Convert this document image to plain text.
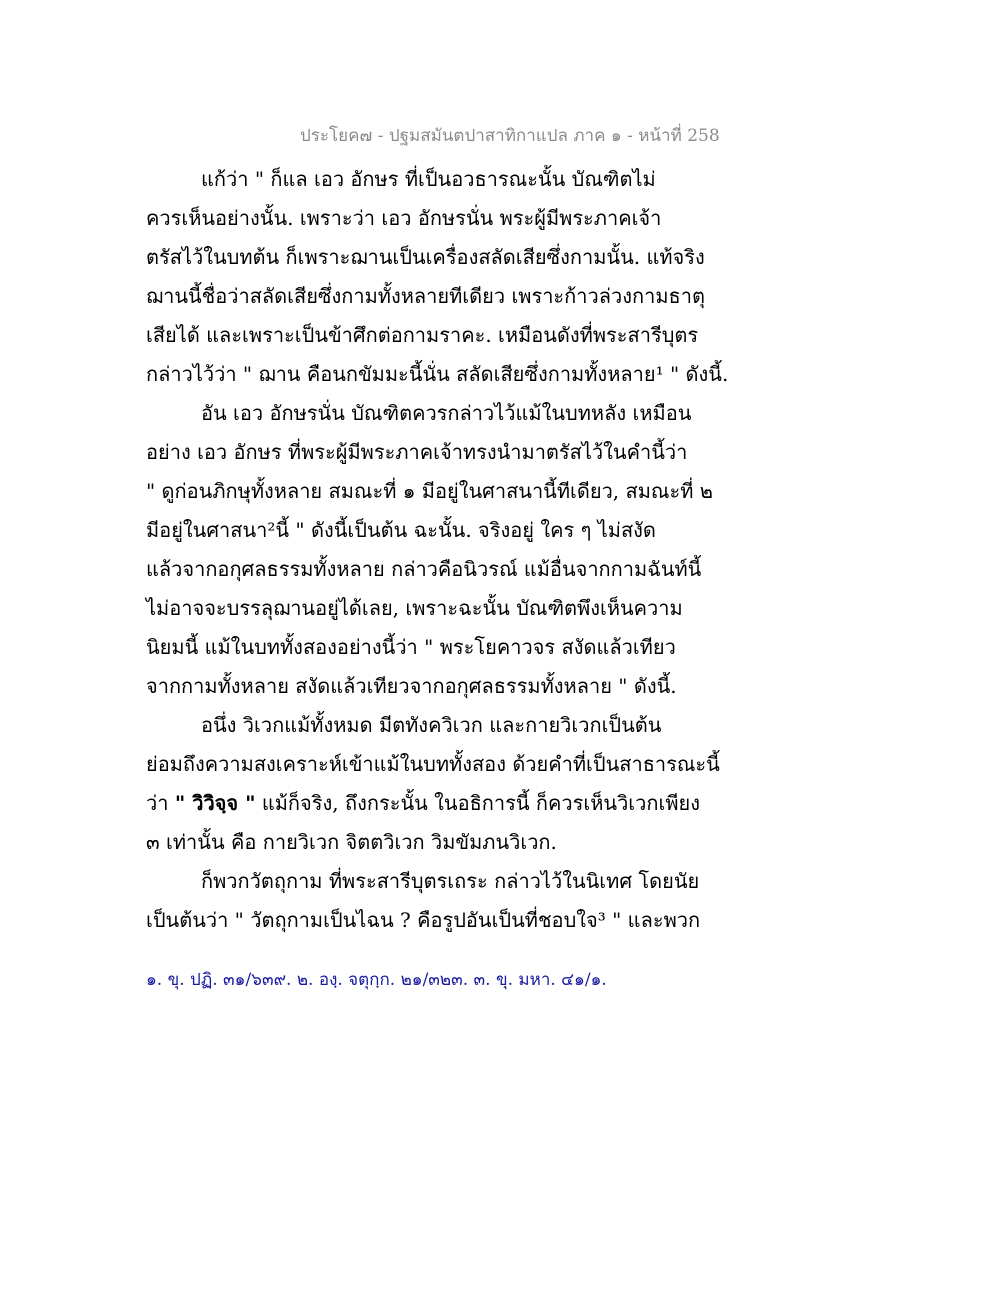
ประโยค๗ - ปฐมสมันตปาสาทิกาแปล ภาค ๑ - หน้าที่ 258
แก้ว่า " ก็แล เอว อักษร ที่เป็นอวธารณะนั้น บัณฑิตไม่
ควรเห็นอย่างนั้น. เพราะว่า เอว อักษรนั่น พระผู้มีพระภาคเจ้า
ตรัสไว้ในบทต้น ก็เพราะฌานเป็นเครื่องสลัดเสียซึ่งกามนั้น. แท้จริง
ฌานนี้ชื่อว่าสลัดเสียซึ่งกามทั้งหลายทีเดียว เพราะก้าวล่วงกามธาตุ
เสียได้ และเพราะเป็นข้าศึกต่อกามราคะ. เหมือนดังที่พระสารีบุตร
กล่าวไว้ว่า " ฌาน คือนกขัมมะนี้นั่น สลัดเสียซึ่งกามทั้งหลาย¹ " ดังนี้.
อัน เอว อักษรนั่น บัณฑิตควรกล่าวไว้แม้ในบทหลัง เหมือน
อย่าง เอว อักษร ที่พระผู้มีพระภาคเจ้าทรงนำมาตรัสไว้ในคำนี้ว่า
" ดูก่อนภิกษุทั้งหลาย สมณะที่ ๑ มีอยู่ในศาสนานี้ทีเดียว, สมณะที่ ๒
มีอยู่ในศาสนา²นี้ " ดังนี้เป็นต้น ฉะนั้น. จริงอยู่ ใคร ๆ ไม่สงัด
แล้วจากอกุศลธรรมทั้งหลาย กล่าวคือนิวรณ์ แม้อื่นจากกามฉันท์นี้
ไม่อาจจะบรรลุฌานอยู่ได้เลย, เพราะฉะนั้น บัณฑิตพึงเห็นความ
นิยมนี้ แม้ในบททั้งสองอย่างนี้ว่า " พระโยคาวจร สงัดแล้วเทียว
จากกามทั้งหลาย สงัดแล้วเทียวจากอกุศลธรรมทั้งหลาย " ดังนี้.
อนึ่ง วิเวกแม้ทั้งหมด มีตทังควิเวก และกายวิเวกเป็นต้น
ย่อมถึงความสงเคราะห์เข้าแม้ในบททั้งสอง ด้วยคำที่เป็นสาธารณะนี้
ว่า " วิวิจฺจ " แม้ก็จริง, ถึงกระนั้น ในอธิการนี้ ก็ควรเห็นวิเวกเพียง
๓ เท่านั้น คือ กายวิเวก จิตตวิเวก วิมขัมภนวิเวก.
ก็พวกวัตถุกาม ที่พระสารีบุตรเถระ กล่าวไว้ในนิเทศ โดยนัย
เป็นต้นว่า " วัตถุกามเป็นไฉน ? คือรูปอันเป็นที่ชอบใจ³ " และพวก
๑. ขุ. ปฏิ. ๓๑/๖๓๙. ๒. องฺ. จตุกฺก. ๒๑/๓๒๓. ๓. ขุ. มหา. ๔๑/๑.
